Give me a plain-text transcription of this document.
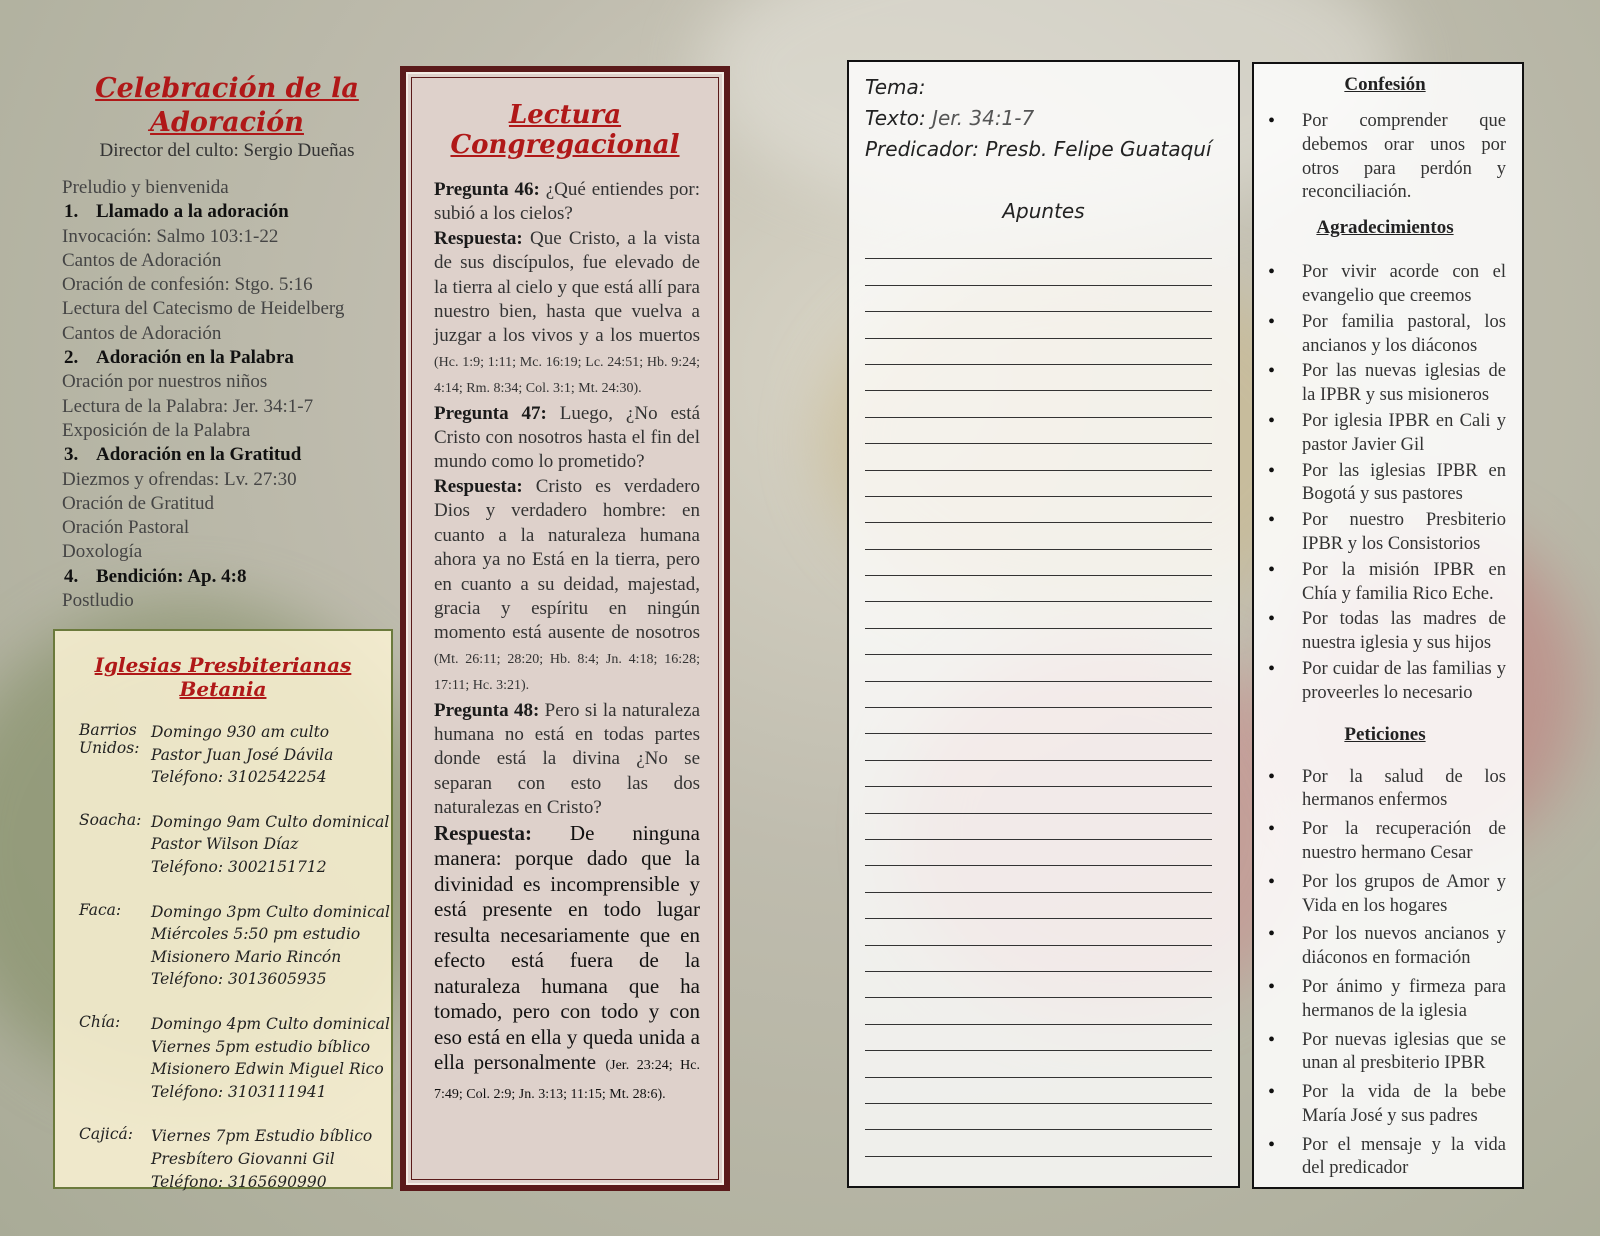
Celebración de la Adoración

Director del culto: Sergio Dueñas

Preludio y bienvenida
1. Llamado a la adoración
Invocación: Salmo 103:1-22
Cantos de Adoración
Oración de confesión: Stgo. 5:16
Lectura del Catecismo de Heidelberg
Cantos de Adoración
2. Adoración en la Palabra
Oración por nuestros niños
Lectura de la Palabra: Jer. 34:1-7
Exposición de la Palabra
3. Adoración en la Gratitud
Diezmos y ofrendas: Lv. 27:30
Oración de Gratitud
Oración Pastoral
Doxología
4. Bendición: Ap. 4:8
Postludio
Iglesias Presbiterianas Betania
Barrios Unidos:
Domingo 930 am culto
Pastor Juan José Dávila
Teléfono: 3102542254
Soacha: Domingo 9am Culto dominical
Pastor Wilson Díaz
Teléfono: 3002151712
Faca:	Domingo 3pm Culto dominical
Miércoles 5:50 pm estudio
Misionero Mario Rincón
Teléfono: 3013605935
Chía:	Domingo 4pm Culto dominical
Viernes 5pm estudio bíblico
Misionero Edwin Miguel Rico
Teléfono: 3103111941
Cajicá:	Viernes 7pm Estudio bíblico
Presbítero Giovanni Gil
Teléfono: 3165690990
Lectura Congregacional

Pregunta 46: ¿Qué entiendes por: subió a los cielos?

Respuesta: Que Cristo, a la vista de sus discípulos, fue elevado de la tierra al cielo y que está allí para nuestro bien, hasta que vuelva a juzgar a los vivos y a los muertos (Hc. 1:9; 1:11; Mc. 16:19; Lc. 24:51; Hb. 9:24; 4:14; Rm. 8:34; Col. 3:1; Mt. 24:30).

Pregunta 47: Luego, ¿No está Cristo con nosotros hasta el fin del mundo como lo prometido?

Respuesta: Cristo es verdadero Dios y verdadero hombre: en cuanto a la naturaleza humana ahora ya no Está en la tierra, pero en cuanto a su deidad, majestad, gracia y espíritu en ningún momento está ausente de nosotros (Mt. 26:11; 28:20; Hb. 8:4; Jn. 4:18; 16:28; 17:11; Hc. 3:21).

Pregunta 48: Pero si la naturaleza humana no está en todas partes donde está la divina ¿No se separan con esto las dos naturalezas en Cristo?

Respuesta: De ninguna manera: porque dado que la divinidad es incomprensible y está presente en todo lugar resulta necesariamente que en efecto está fuera de la naturaleza humana que ha tomado, pero con todo y con eso está en ella y queda unida a ella personalmente (Jer. 23:24; Hc. 7:49; Col. 2:9; Jn. 3:13; 11:15; Mt. 28:6).

Tema:
Texto: Jer. 34:1-7
Predicador: Presb. Felipe Guataquí
Apuntes
Confesión
• Por comprender que debemos orar unos por otros para perdón y reconciliación.
Agradecimientos
• Por vivir acorde con el evangelio que creemos
• Por familia pastoral, los ancianos y los diáconos
• Por las nuevas iglesias de la IPBR y sus misioneros
• Por iglesia IPBR en Cali y pastor Javier Gil
• Por las iglesias IPBR en Bogotá y sus pastores
• Por nuestro Presbiterio IPBR y los Consistorios
• Por la misión IPBR en Chía y familia Rico Eche.
• Por todas las madres de nuestra iglesia y sus hijos
• Por cuidar de las familias y proveerles lo necesario
Peticiones
• Por la salud de los hermanos enfermos
• Por la recuperación de nuestro hermano Cesar
• Por los grupos de Amor y Vida en los hogares
• Por los nuevos ancianos y diáconos en formación
• Por ánimo y firmeza para hermanos de la iglesia
• Por nuevas iglesias que se unan al presbiterio IPBR
• Por la vida de la bebe María José y sus padres
• Por el mensaje y la vida del predicador
